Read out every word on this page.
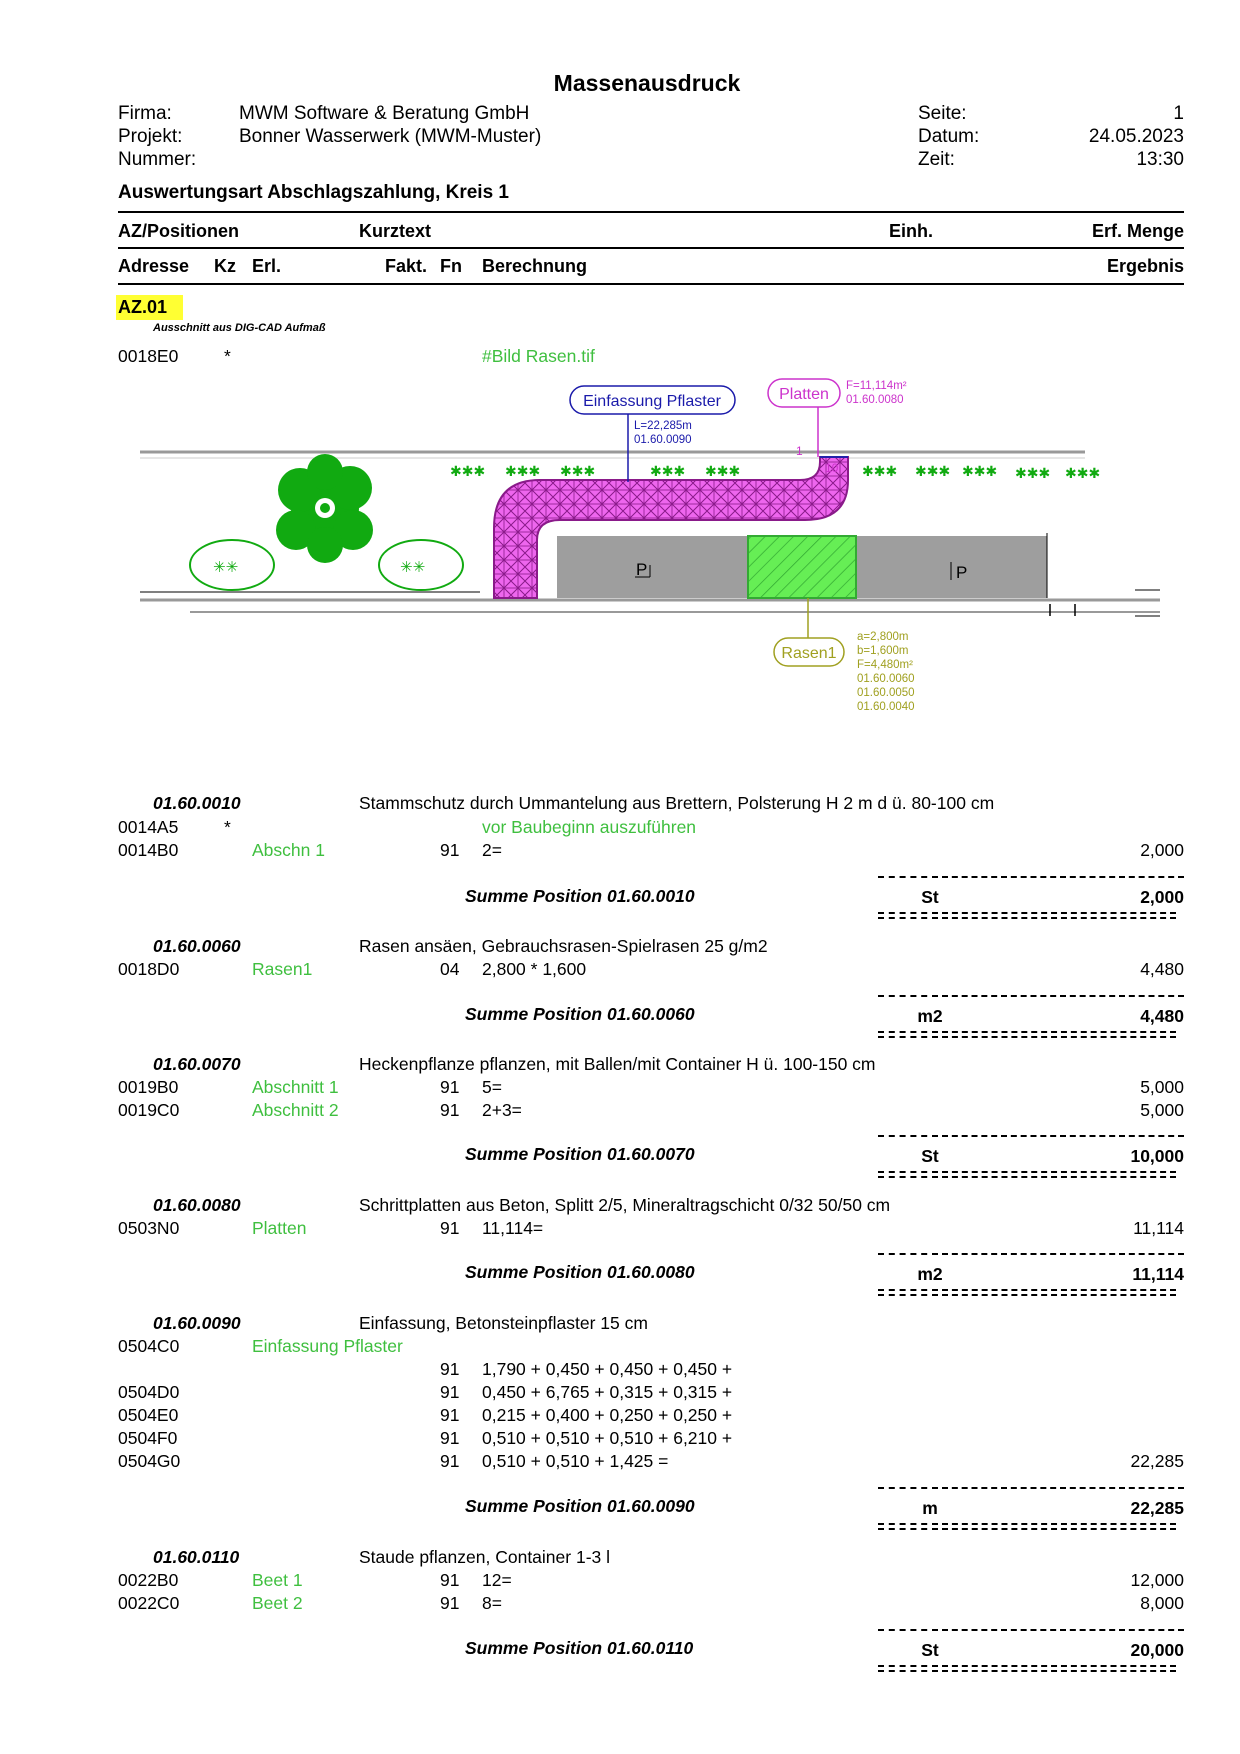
Massenausdruck
Firma:	MWM Software & Beratung GmbH
Projekt:	Bonner Wasserwerk (MWM-Muster)
Nummer:
Seite:	1
Datum:	24.05.2023
Zeit:	13:30
Auswertungsart Abschlagszahlung, Kreis 1
AZ/Positionen	Kurztext	Einh.	Erf. Menge
Adresse Kz Erl.	Fakt. Fn Berechnung	Ergebnis
AZ.01
Ausschnitt aus DIG-CAD Aufmaß
0018E0	*	#Bild Rasen.tif
P	P
1
10
Einfassung Pflaster
L=22,285m
01.60.0090
Platten F=11,114m²
01.60.0080
Rasen1
a=2,800m
b=1,600m
F=4,480m²
01.60.0060
01.60.0050
01.60.0040
✳✳	✳✳
✱✱✱ ✱✱✱ ✱✱✱	✱✱✱ ✱✱✱	✱✱✱ ✱✱✱ ✱✱✱ ✱✱✱ ✱✱✱
01.60.0010	Stammschutz durch Ummantelung aus Brettern, Polsterung H 2 m d ü. 80-100 cm
0014A5	*	vor Baubeginn auszuführen
0014B0	Abschn 1	91 2=	2,000
Summe Position 01.60.0010	St	2,000
01.60.0060	Rasen ansäen, Gebrauchsrasen-Spielrasen 25 g/m2
0018D0	Rasen1	04 2,800 * 1,600	4,480
Summe Position 01.60.0060	m2	4,480
01.60.0070	Heckenpflanze pflanzen, mit Ballen/mit Container H ü. 100-150 cm
0019B0	Abschnitt 1	91 5=	5,000
0019C0	Abschnitt 2	91 2+3=	5,000
Summe Position 01.60.0070	St	10,000
01.60.0080	Schrittplatten aus Beton, Splitt 2/5, Mineraltragschicht 0/32 50/50 cm
0503N0	Platten	91 11,114=	11,114
Summe Position 01.60.0080	m2	11,114
01.60.0090	Einfassung, Betonsteinpflaster 15 cm
0504C0	Einfassung Pflaster
91 1,790 + 0,450 + 0,450 + 0,450 +
0504D0	91 0,450 + 6,765 + 0,315 + 0,315 +
0504E0	91 0,215 + 0,400 + 0,250 + 0,250 +
0504F0	91 0,510 + 0,510 + 0,510 + 6,210 +
0504G0	91 0,510 + 0,510 + 1,425 =	22,285
Summe Position 01.60.0090	m	22,285
01.60.0110	Staude pflanzen, Container 1-3 l
0022B0	Beet 1	91 12=	12,000
0022C0	Beet 2	91 8=	8,000
Summe Position 01.60.0110	St	20,000
